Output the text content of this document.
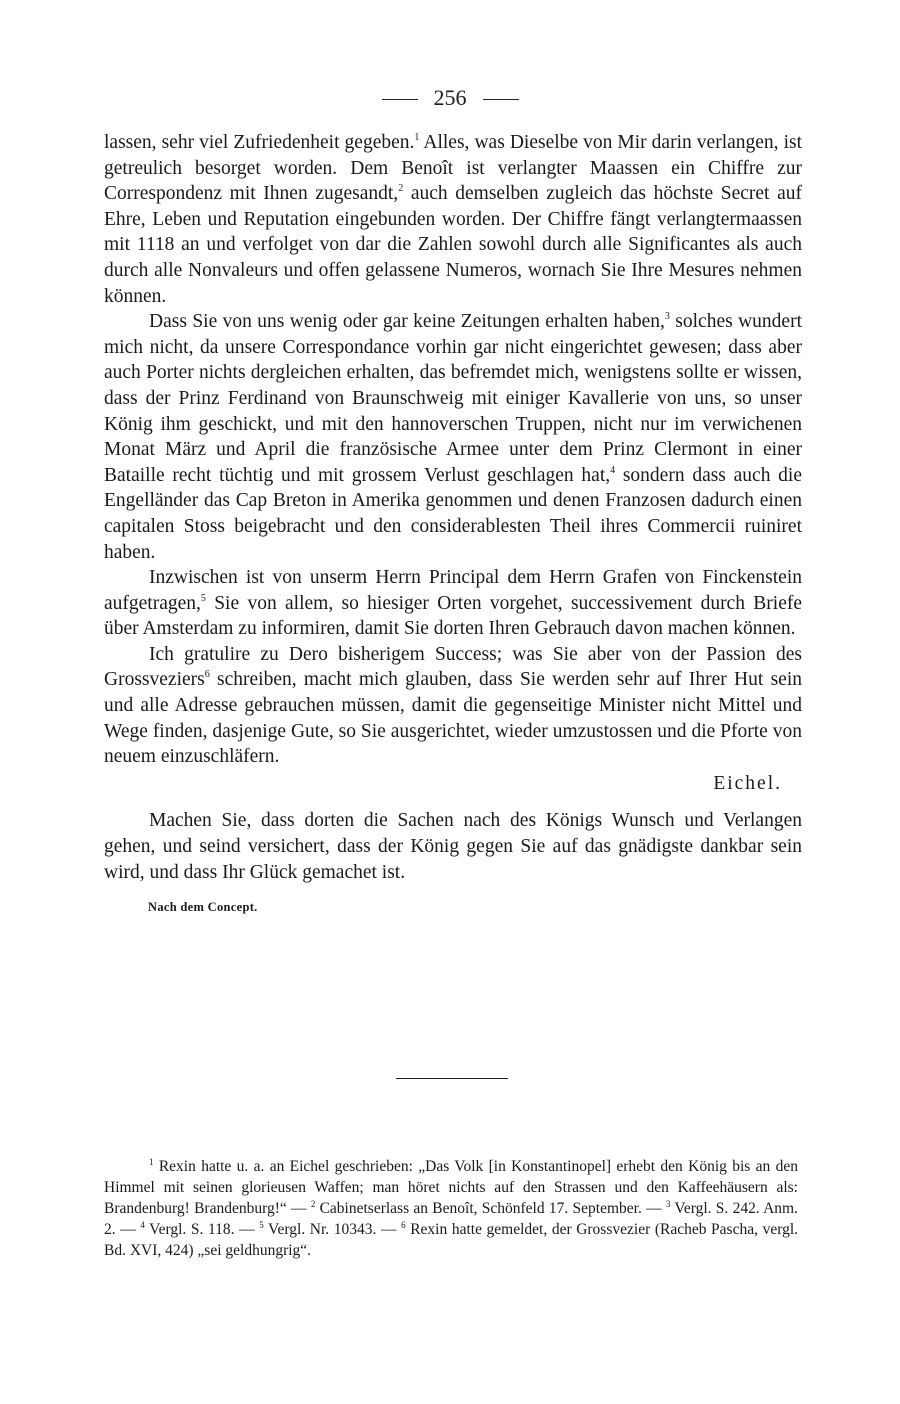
256

lassen, sehr viel Zufriedenheit gegeben.$^1$ Alles, was Dieselbe von Mir darin verlangen, ist getreulich besorget worden. Dem Benoît ist verlangter Maassen ein Chiffre zur Correspondenz mit Ihnen zugesandt,$^2$ auch demselben zugleich das höchste Secret auf Ehre, Leben und Reputation eingebunden worden. Der Chiffre fängt verlangtermaassen mit 1118 an und verfolget von dar die Zahlen sowohl durch alle Significantes als auch durch alle Nonvaleurs und offen gelassene Numeros, wornach Sie Ihre Mesures nehmen können.

Dass Sie von uns wenig oder gar keine Zeitungen erhalten haben,$^3$ solches wundert mich nicht, da unsere Correspondance vorhin gar nicht eingerichtet gewesen; dass aber auch Porter nichts dergleichen erhalten, das befremdet mich, wenigstens sollte er wissen, dass der Prinz Ferdinand von Braunschweig mit einiger Kavallerie von uns, so unser König ihm geschickt, und mit den hannoverschen Truppen, nicht nur im verwichenen Monat März und April die französische Armee unter dem Prinz Clermont in einer Bataille recht tüchtig und mit grossem Verlust geschlagen hat,$^4$ sondern dass auch die Engelländer das Cap Breton in Amerika genommen und denen Franzosen dadurch einen capitalen Stoss beigebracht und den considerablesten Theil ihres Commercii ruiniret haben.

Inzwischen ist von unserm Herrn Principal dem Herrn Grafen von Finckenstein aufgetragen,$^5$ Sie von allem, so hiesiger Orten vorgehet, successivement durch Briefe über Amsterdam zu informiren, damit Sie dorten Ihren Gebrauch davon machen können.

Ich gratulire zu Dero bisherigem Success; was Sie aber von der Passion des Grossveziers$^6$ schreiben, macht mich glauben, dass Sie werden sehr auf Ihrer Hut sein und alle Adresse gebrauchen müssen, damit die gegenseitige Minister nicht Mittel und Wege finden, dasjenige Gute, so Sie ausgerichtet, wieder umzustossen und die Pforte von neuem einzuschläfern.

Eichel.

Machen Sie, dass dorten die Sachen nach des Königs Wunsch und Verlangen gehen, und seind versichert, dass der König gegen Sie auf das gnädigste dankbar sein wird, und dass Ihr Glück gemachet ist.

Nach dem Concept.

$^1$ Rexin hatte u. a. an Eichel geschrieben: „Das Volk [in Konstantinopel] erhebt den König bis an den Himmel mit seinen glorieusen Waffen; man höret nichts auf den Strassen und den Kaffeehäusern als: Brandenburg! Brandenburg!“ — $^2$ Cabinetserlass an Benoît, Schönfeld 17. September. — $^3$ Vergl. S. 242. Anm. 2. — $^4$ Vergl. S. 118. — $^5$ Vergl. Nr. 10343. — $^6$ Rexin hatte gemeldet, der Grossvezier (Racheb Pascha, vergl. Bd. XVI, 424) „sei geldhungrig“.
